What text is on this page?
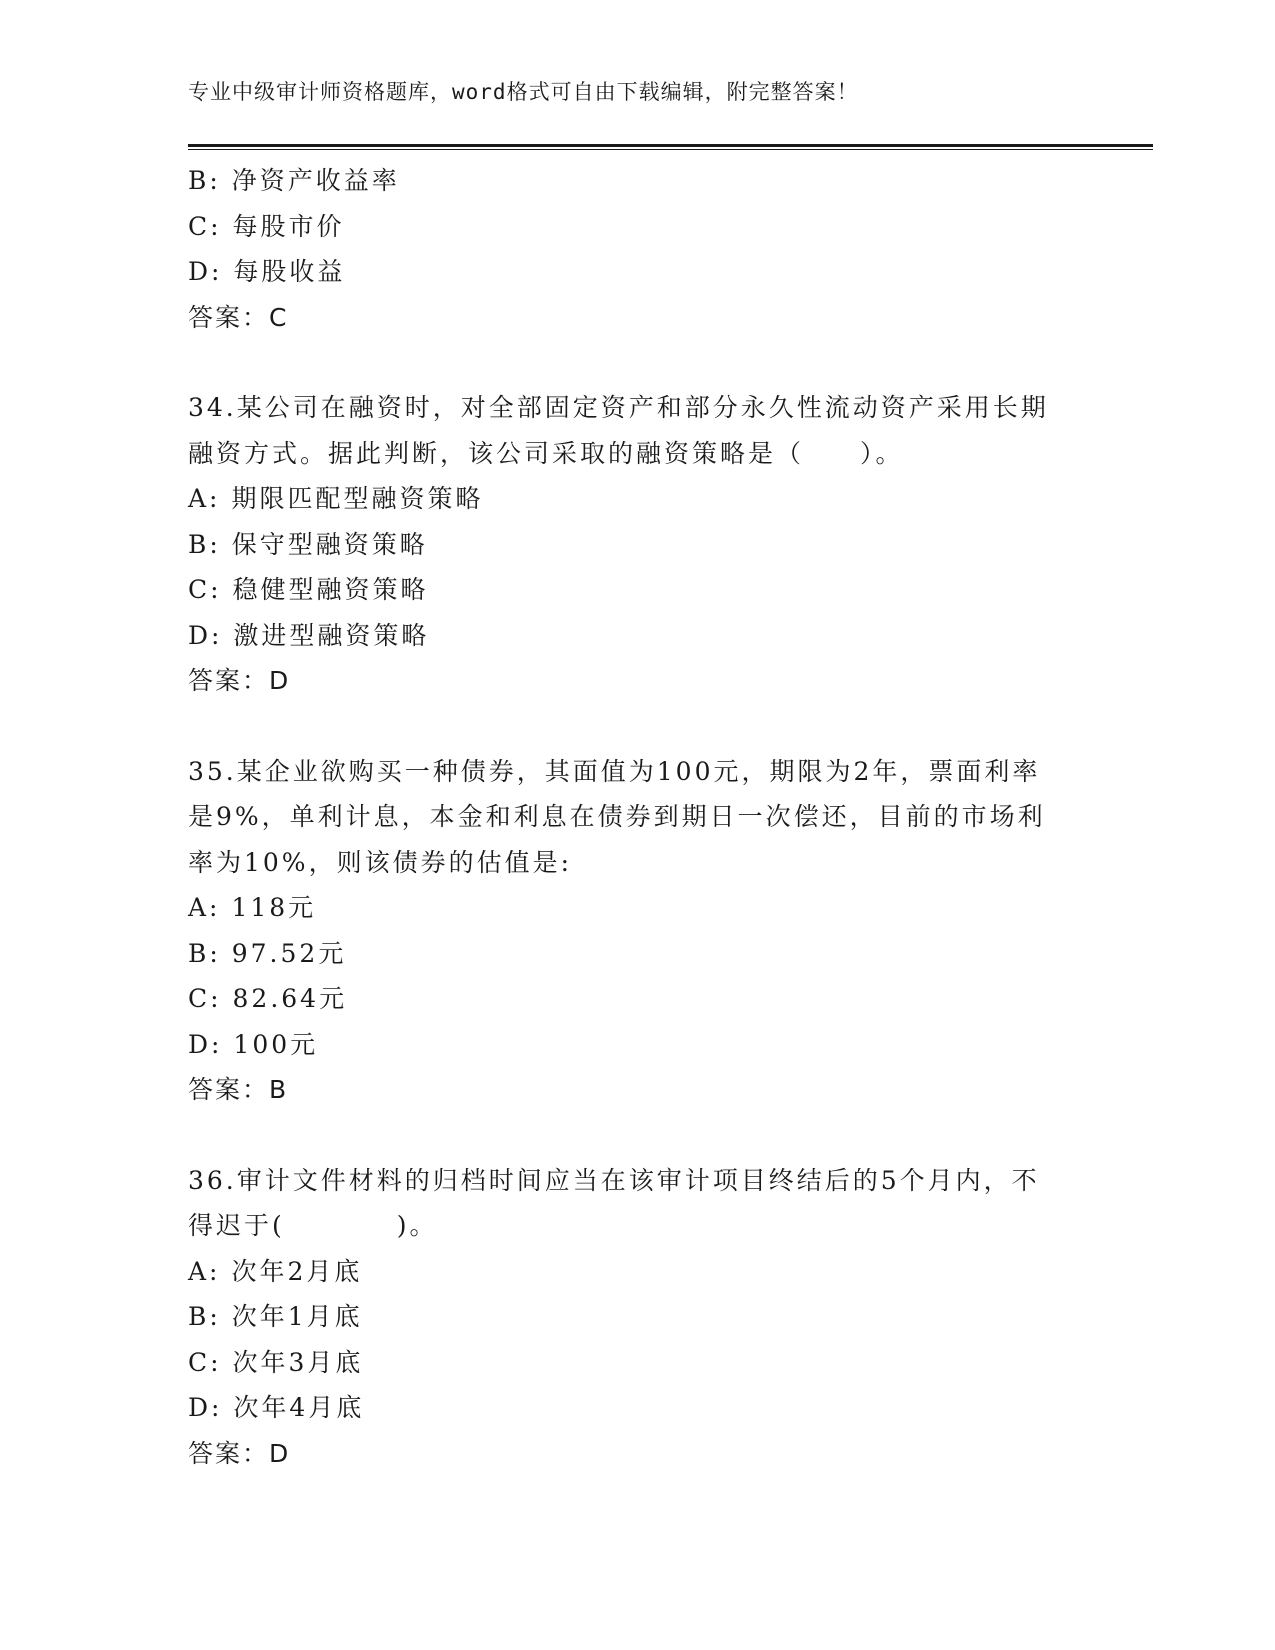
专业中级审计师资格题库，word格式可自由下载编辑，附完整答案！
B: 净资产收益率
C: 每股市价
D: 每股收益
答案：C
34.某公司在融资时，对全部固定资产和部分永久性流动资产采用长期
融资方式。据此判断，该公司采取的融资策略是（　　）。
A: 期限匹配型融资策略
B: 保守型融资策略
C: 稳健型融资策略
D: 激进型融资策略
答案：D
35.某企业欲购买一种债券，其面值为100元，期限为2年，票面利率
是9%，单利计息，本金和利息在债券到期日一次偿还，目前的市场利
率为10%，则该债券的估值是:
A: 118元
B: 97.52元
C: 82.64元
D: 100元
答案：B
36.审计文件材料的归档时间应当在该审计项目终结后的5个月内，不
得迟于(　　　　)。
A: 次年2月底
B: 次年1月底
C: 次年3月底
D: 次年4月底
答案：D
